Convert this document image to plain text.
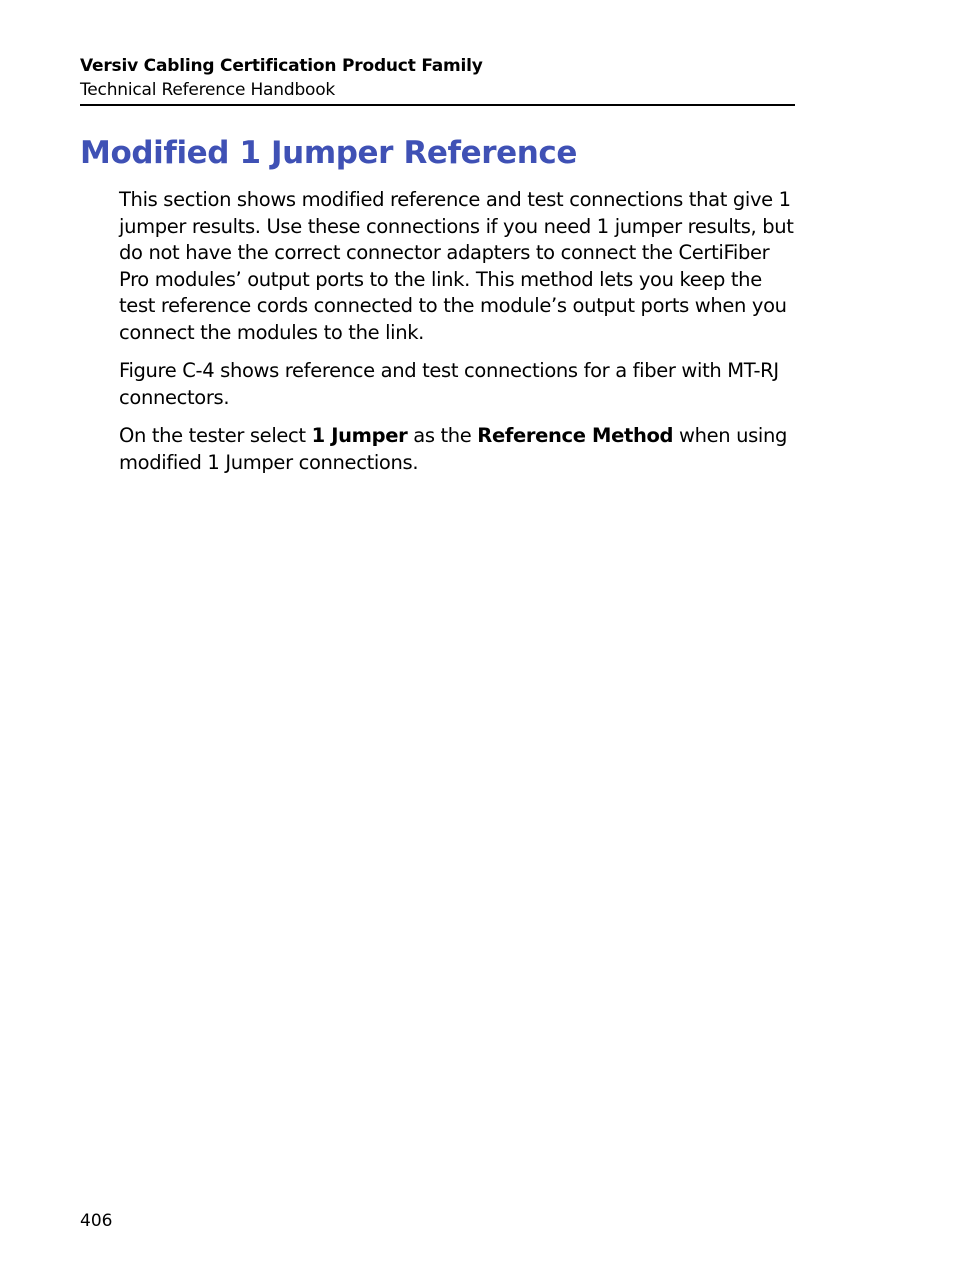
Versiv Cabling Certification Product Family
Technical Reference Handbook
Modified 1 Jumper Reference

This section shows modified reference and test connections that give 1 jumper results. Use these connections if you need 1 jumper results, but do not have the correct connector adapters to connect the CertiFiber Pro modules’ output ports to the link. This method lets you keep the test reference cords connected to the module’s output ports when you connect the modules to the link.

Figure C-4 shows reference and test connections for a fiber with MT-RJ connectors.

On the tester select 1 Jumper as the Reference Method when using modified 1 Jumper connections.

406
